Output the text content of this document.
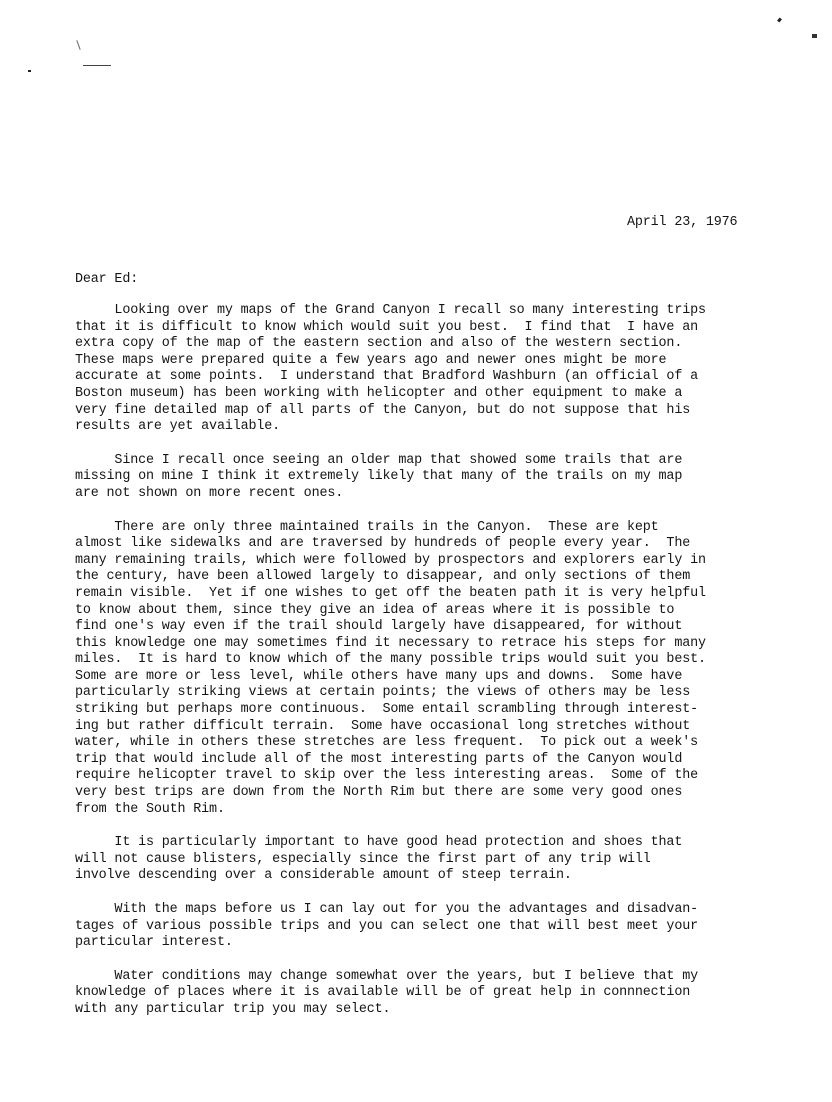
April 23, 1976
Dear Ed:
Looking over my maps of the Grand Canyon I recall so many interesting trips
that it is difficult to know which would suit you best.  I find that  I have an
extra copy of the map of the eastern section and also of the western section.
These maps were prepared quite a few years ago and newer ones might be more
accurate at some points.  I understand that Bradford Washburn (an official of a
Boston museum) has been working with helicopter and other equipment to make a
very fine detailed map of all parts of the Canyon, but do not suppose that his
results are yet available.
Since I recall once seeing an older map that showed some trails that are
missing on mine I think it extremely likely that many of the trails on my map
are not shown on more recent ones.
There are only three maintained trails in the Canyon.  These are kept
almost like sidewalks and are traversed by hundreds of people every year.  The
many remaining trails, which were followed by prospectors and explorers early in
the century, have been allowed largely to disappear, and only sections of them
remain visible.  Yet if one wishes to get off the beaten path it is very helpful
to know about them, since they give an idea of areas where it is possible to
find one's way even if the trail should largely have disappeared, for without
this knowledge one may sometimes find it necessary to retrace his steps for many
miles.  It is hard to know which of the many possible trips would suit you best.
Some are more or less level, while others have many ups and downs.  Some have
particularly striking views at certain points; the views of others may be less
striking but perhaps more continuous.  Some entail scrambling through interest-
ing but rather difficult terrain.  Some have occasional long stretches without
water, while in others these stretches are less frequent.  To pick out a week's
trip that would include all of the most interesting parts of the Canyon would
require helicopter travel to skip over the less interesting areas.  Some of the
very best trips are down from the North Rim but there are some very good ones
from the South Rim.
It is particularly important to have good head protection and shoes that
will not cause blisters, especially since the first part of any trip will
involve descending over a considerable amount of steep terrain.
With the maps before us I can lay out for you the advantages and disadvan-
tages of various possible trips and you can select one that will best meet your
particular interest.
Water conditions may change somewhat over the years, but I believe that my
knowledge of places where it is available will be of great help in connnection
with any particular trip you may select.
